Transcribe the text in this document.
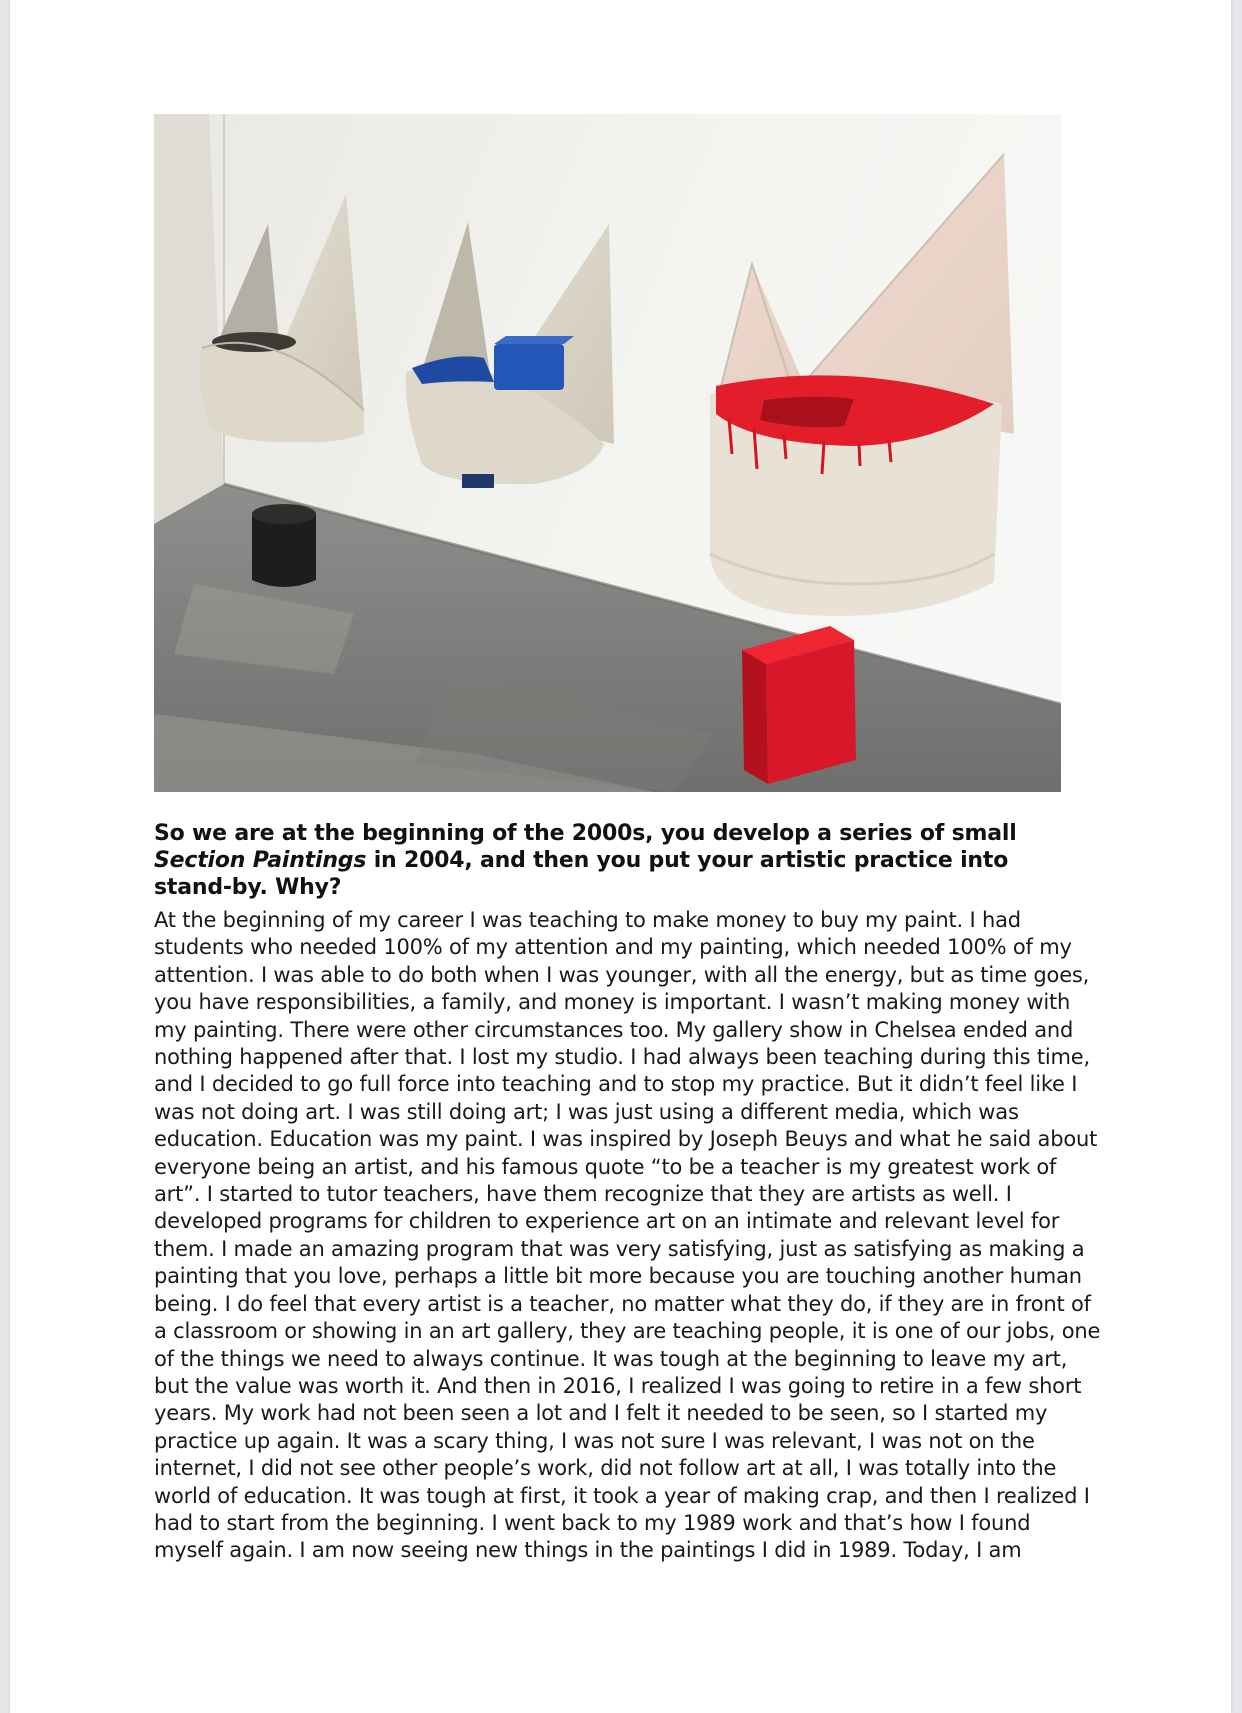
So we are at the beginning of the 2000s, you develop a series of small Section Paintings in 2004, and then you put your artistic practice into stand-by. Why?
At the beginning of my career I was teaching to make money to buy my paint. I had
students who needed 100% of my attention and my painting, which needed 100% of my
attention. I was able to do both when I was younger, with all the energy, but as time goes,
you have responsibilities, a family, and money is important. I wasn’t making money with
my painting. There were other circumstances too. My gallery show in Chelsea ended and
nothing happened after that. I lost my studio. I had always been teaching during this time,
and I decided to go full force into teaching and to stop my practice. But it didn’t feel like I
was not doing art. I was still doing art; I was just using a different media, which was
education. Education was my paint. I was inspired by Joseph Beuys and what he said about
everyone being an artist, and his famous quote “to be a teacher is my greatest work of
art”. I started to tutor teachers, have them recognize that they are artists as well. I
developed programs for children to experience art on an intimate and relevant level for
them. I made an amazing program that was very satisfying, just as satisfying as making a
painting that you love, perhaps a little bit more because you are touching another human
being. I do feel that every artist is a teacher, no matter what they do, if they are in front of
a classroom or showing in an art gallery, they are teaching people, it is one of our jobs, one
of the things we need to always continue. It was tough at the beginning to leave my art,
but the value was worth it. And then in 2016, I realized I was going to retire in a few short
years. My work had not been seen a lot and I felt it needed to be seen, so I started my
practice up again. It was a scary thing, I was not sure I was relevant, I was not on the
internet, I did not see other people’s work, did not follow art at all, I was totally into the
world of education. It was tough at first, it took a year of making crap, and then I realized I
had to start from the beginning. I went back to my 1989 work and that’s how I found
myself again. I am now seeing new things in the paintings I did in 1989. Today, I am
